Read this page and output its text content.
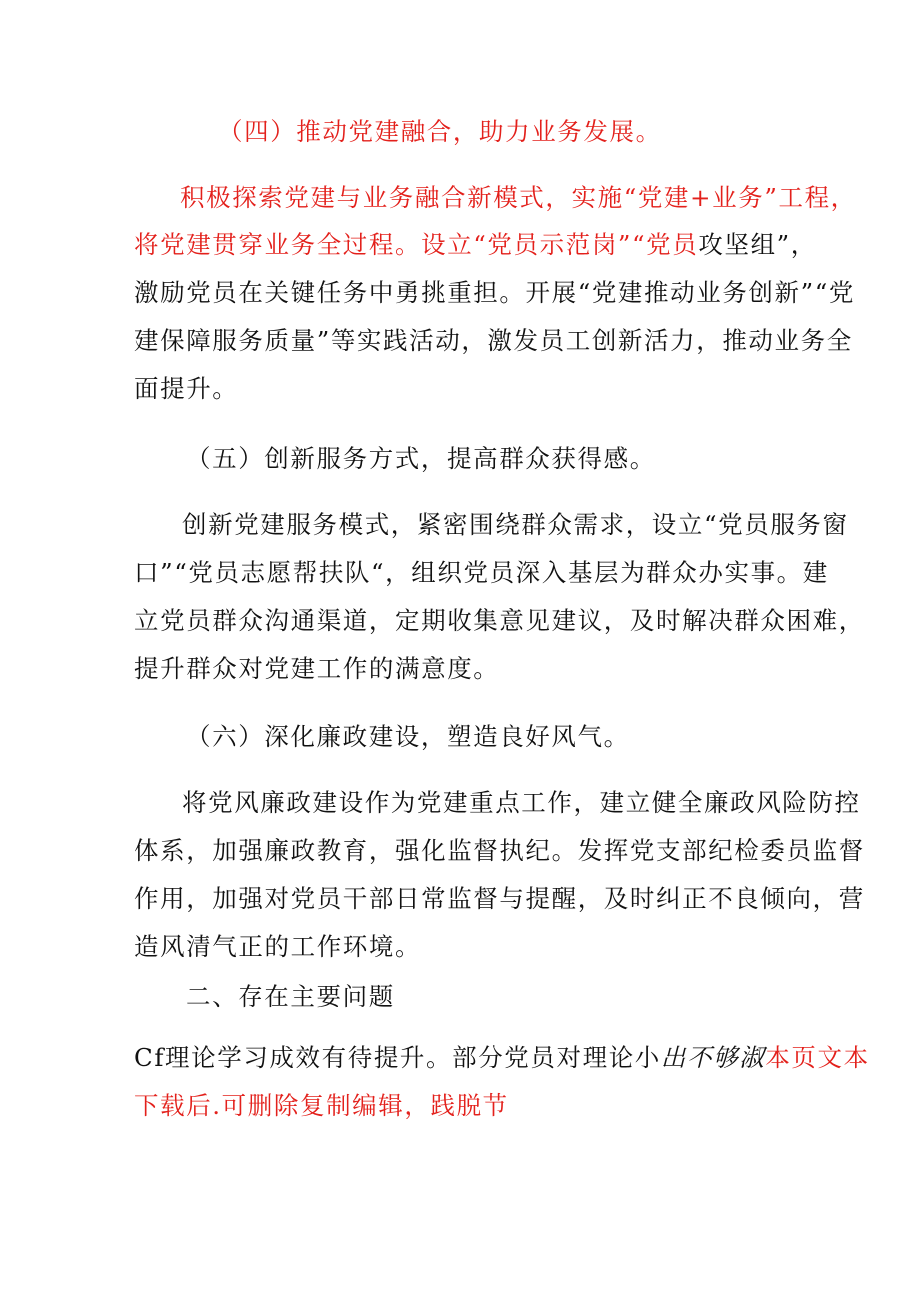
（四）推动党建融合，助力业务发展。
积极探索党建与业务融合新模式，实施“党建+业务”工程，
将党建贯穿业务全过程。设立“党员示范岗”“党员攻坚组”，
激励党员在关键任务中勇挑重担。开展“党建推动业务创新”“党
建保障服务质量”等实践活动，激发员工创新活力，推动业务全
面提升。
（五）创新服务方式，提高群众获得感。
创新党建服务模式，紧密围绕群众需求，设立“党员服务窗
口”“党员志愿帮扶队“，组织党员深入基层为群众办实事。建
立党员群众沟通渠道，定期收集意见建议，及时解决群众困难，
提升群众对党建工作的满意度。
（六）深化廉政建设，塑造良好风气。
将党风廉政建设作为党建重点工作，建立健全廉政风险防控
体系，加强廉政教育，强化监督执纪。发挥党支部纪检委员监督
作用，加强对党员干部日常监督与提醒，及时纠正不良倾向，营
造风清气正的工作环境。
二、存在主要问题
Cf理论学习成效有待提升。部分党员对理论小出不够淑本页文本
下载后.可删除复制编辑，践脱节
